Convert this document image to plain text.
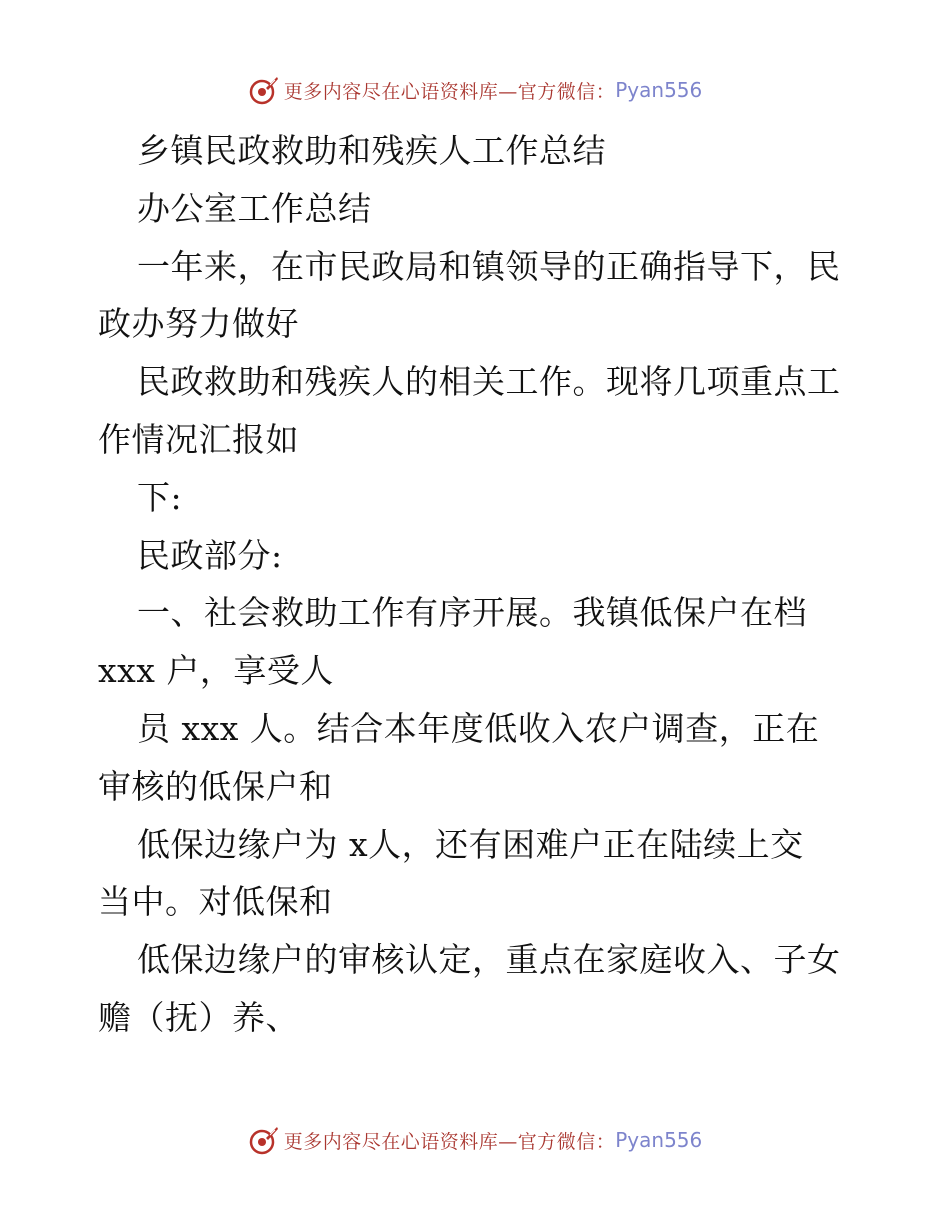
更多内容尽在心语资料库—官方微信： Pyan556
乡镇民政救助和残疾人工作总结
办公室工作总结
一年来，在市民政局和镇领导的正确指导下，民
政办努力做好
民政救助和残疾人的相关工作。现将几项重点工
作情况汇报如
下:
民政部分:
一、社会救助工作有序开展。我镇低保户在档
xxx 户，享受人
员 xxx 人。结合本年度低收入农户调查，正在
审核的低保户和
低保边缘户为 x人，还有困难户正在陆续上交
当中。对低保和
低保边缘户的审核认定，重点在家庭收入、子女
赡（抚）养、
更多内容尽在心语资料库—官方微信： Pyan556
